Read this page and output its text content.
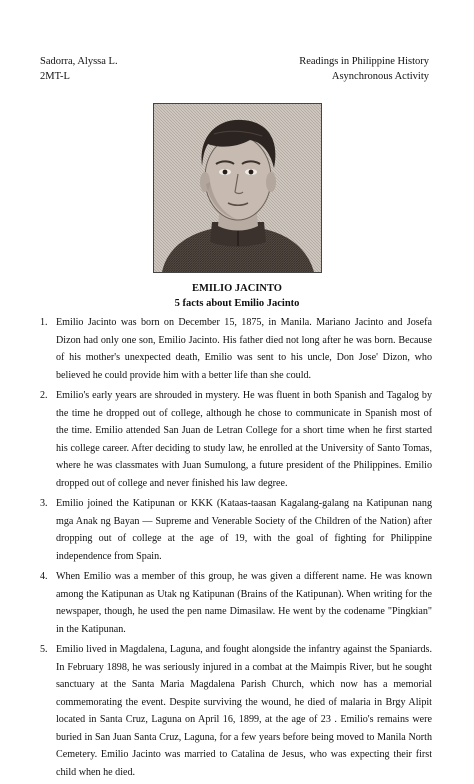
Sadorra, Alyssa L.
2MT-L
Readings in Philippine History
Asynchronous Activity
EMILIO JACINTO
5 facts about Emilio Jacinto
1. Emilio Jacinto was born on December 15, 1875, in Manila. Mariano Jacinto and Josefa Dizon had only one son, Emilio Jacinto. His father died not long after he was born. Because of his mother's unexpected death, Emilio was sent to his uncle, Don Jose' Dizon, who believed he could provide him with a better life than she could.
2. Emilio's early years are shrouded in mystery. He was fluent in both Spanish and Tagalog by the time he dropped out of college, although he chose to communicate in Spanish most of the time. Emilio attended San Juan de Letran College for a short time when he first started his college career. After deciding to study law, he enrolled at the University of Santo Tomas, where he was classmates with Juan Sumulong, a future president of the Philippines. Emilio dropped out of college and never finished his law degree.
3. Emilio joined the Katipunan or KKK (Kataas-taasan Kagalang-galang na Katipunan nang mga Anak ng Bayan — Supreme and Venerable Society of the Children of the Nation) after dropping out of college at the age of 19, with the goal of fighting for Philippine independence from Spain.
4. When Emilio was a member of this group, he was given a different name. He was known among the Katipunan as Utak ng Katipunan (Brains of the Katipunan). When writing for the newspaper, though, he used the pen name Dimasilaw. He went by the codename "Pingkian" in the Katipunan.
5. Emilio lived in Magdalena, Laguna, and fought alongside the infantry against the Spaniards. In February 1898, he was seriously injured in a combat at the Maimpis River, but he sought sanctuary at the Santa Maria Magdalena Parish Church, which now has a memorial commemorating the event. Despite surviving the wound, he died of malaria in Brgy Alipit located in Santa Cruz, Laguna on April 16, 1899, at the age of 23 . Emilio's remains were buried in San Juan Santa Cruz, Laguna, for a few years before being moved to Manila North Cemetery. Emilio Jacinto was married to Catalina de Jesus, who was expecting their first child when he died.
